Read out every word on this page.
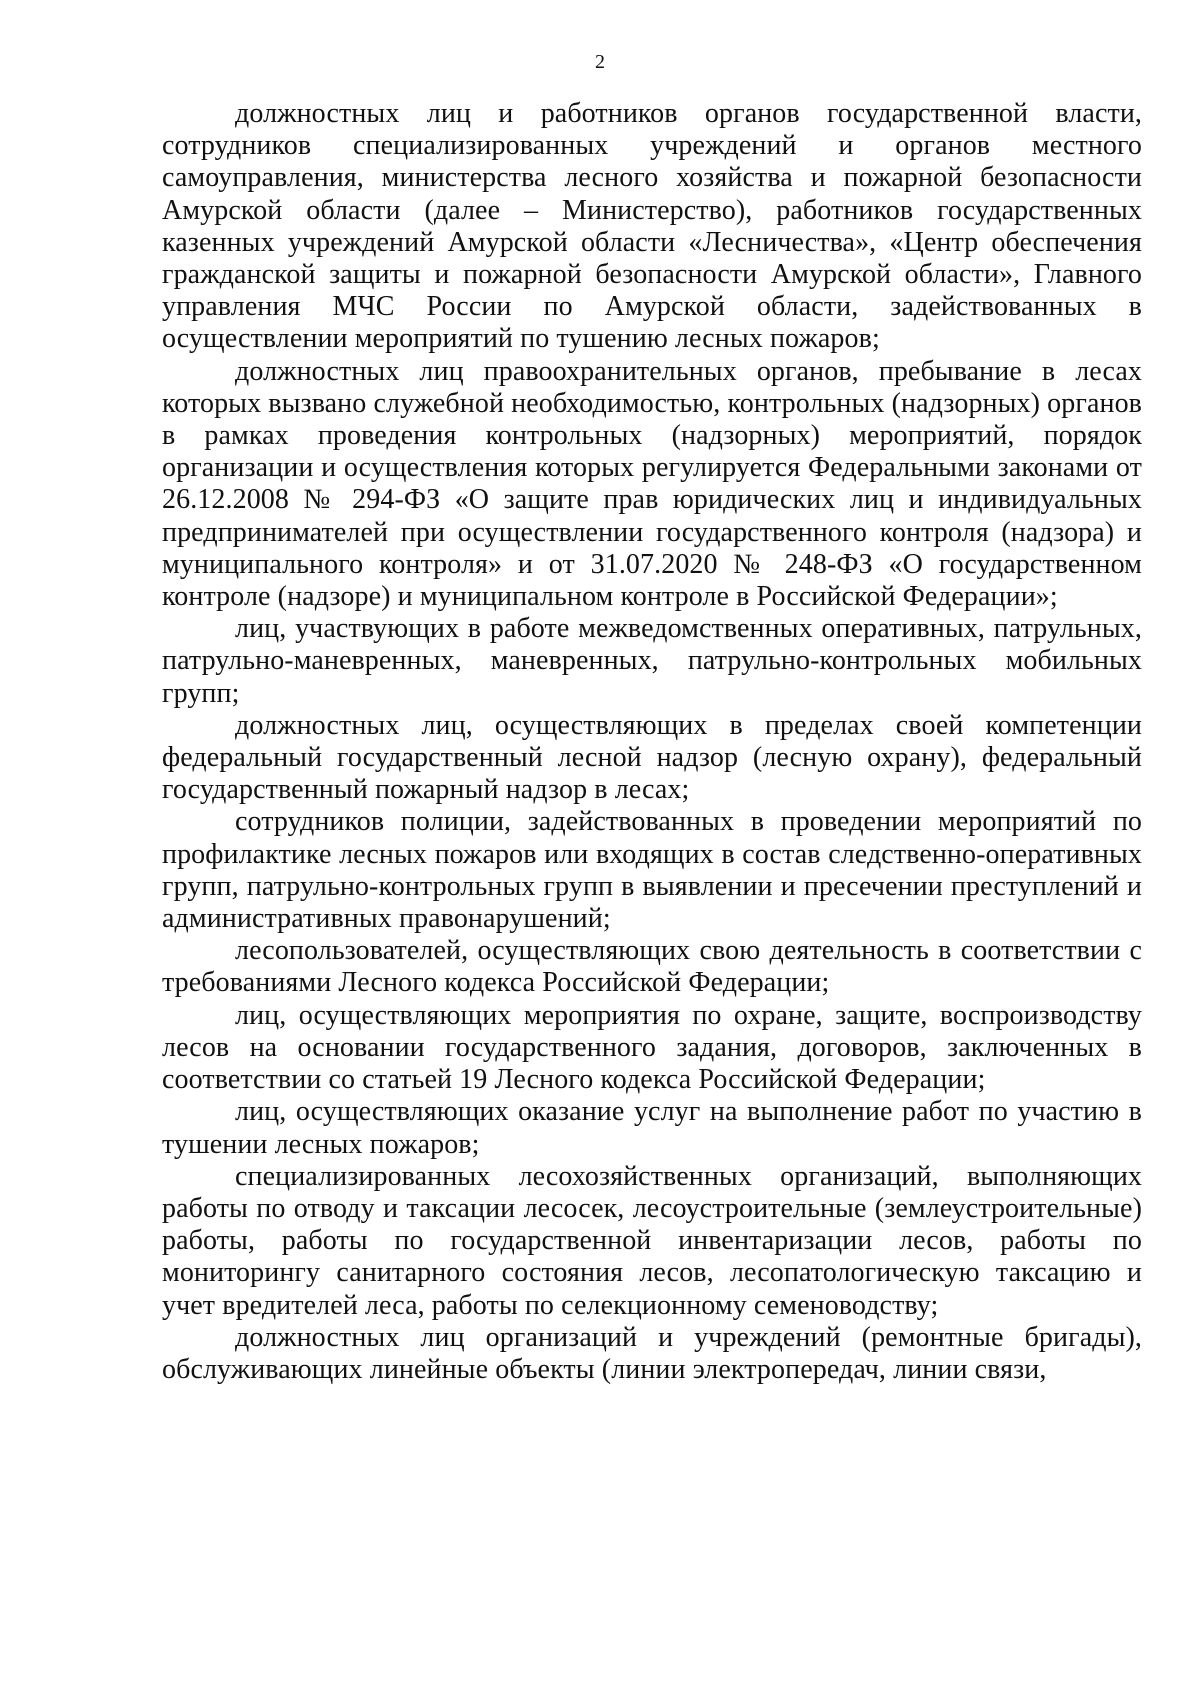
2

должностных лиц и работников органов государственной власти, сотрудников специализированных учреждений и органов местного самоуправления, министерства лесного хозяйства и пожарной безопасности Амурской области (далее – Министерство), работников государственных казенных учреждений Амурской области «Лесничества», «Центр обеспечения гражданской защиты и пожарной безопасности Амурской области», Главного управления МЧС России по Амурской области, задействованных в осуществлении мероприятий по тушению лесных пожаров;

должностных лиц правоохранительных органов, пребывание в лесах которых вызвано служебной необходимостью, контрольных (надзорных) органов в рамках проведения контрольных (надзорных) мероприятий, порядок организации и осуществления которых регулируется Федеральными законами от 26.12.2008 № 294-ФЗ «О защите прав юридических лиц и индивидуальных предпринимателей при осуществлении государственного контроля (надзора) и муниципального контроля» и от 31.07.2020 № 248-ФЗ «О государственном контроле (надзоре) и муниципальном контроле в Российской Федерации»;

лиц, участвующих в работе межведомственных оперативных, патрульных, патрульно-маневренных, маневренных, патрульно-контрольных мобильных групп;

должностных лиц, осуществляющих в пределах своей компетенции федеральный государственный лесной надзор (лесную охрану), федеральный государственный пожарный надзор в лесах;

сотрудников полиции, задействованных в проведении мероприятий по профилактике лесных пожаров или входящих в состав следственно-оперативных групп, патрульно-контрольных групп в выявлении и пресечении преступлений и административных правонарушений;

лесопользователей, осуществляющих свою деятельность в соответствии с требованиями Лесного кодекса Российской Федерации;

лиц, осуществляющих мероприятия по охране, защите, воспроизводству лесов на основании государственного задания, договоров, заключенных в соответствии со статьей 19 Лесного кодекса Российской Федерации;

лиц, осуществляющих оказание услуг на выполнение работ по участию в тушении лесных пожаров;

специализированных лесохозяйственных организаций, выполняющих работы по отводу и таксации лесосек, лесоустроительные (землеустроительные) работы, работы по государственной инвентаризации лесов, работы по мониторингу санитарного состояния лесов, лесопатологическую таксацию и учет вредителей леса, работы по селекционному семеноводству;

должностных лиц организаций и учреждений (ремонтные бригады), обслуживающих линейные объекты (линии электропередач, линии связи,
